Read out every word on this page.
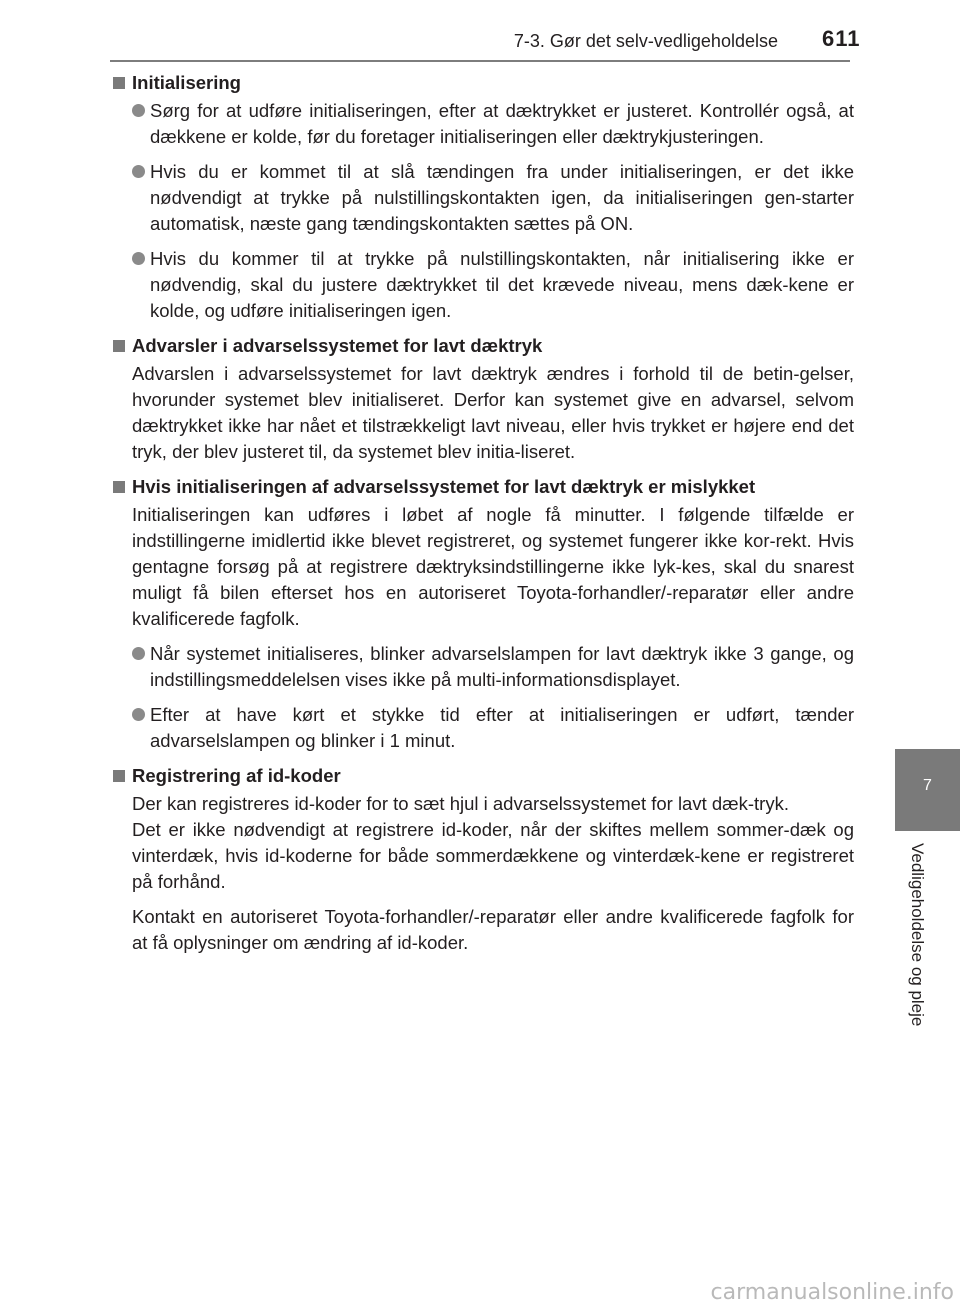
7-3. Gør det selv-vedligeholdelse 611
7
Vedligeholdelse og pleje

Initialisering

Sørg for at udføre initialiseringen, efter at dæktrykket er justeret. Kontrollér også, at dækkene er kolde, før du foretager initialiseringen eller dæktrykjusteringen.

Hvis du er kommet til at slå tændingen fra under initialiseringen, er det ikke nødvendigt at trykke på nulstillingskontakten igen, da initialiseringen gen-starter automatisk, næste gang tændingskontakten sættes på ON.

Hvis du kommer til at trykke på nulstillingskontakten, når initialisering ikke er nødvendig, skal du justere dæktrykket til det krævede niveau, mens dæk-kene er kolde, og udføre initialiseringen igen.

Advarsler i advarselssystemet for lavt dæktryk

Advarslen i advarselssystemet for lavt dæktryk ændres i forhold til de betin-gelser, hvorunder systemet blev initialiseret. Derfor kan systemet give en advarsel, selvom dæktrykket ikke har nået et tilstrækkeligt lavt niveau, eller hvis trykket er højere end det tryk, der blev justeret til, da systemet blev initia-liseret.

Hvis initialiseringen af advarselssystemet for lavt dæktryk er mislykket

Initialiseringen kan udføres i løbet af nogle få minutter. I følgende tilfælde er indstillingerne imidlertid ikke blevet registreret, og systemet fungerer ikke kor-rekt. Hvis gentagne forsøg på at registrere dæktryksindstillingerne ikke lyk-kes, skal du snarest muligt få bilen efterset hos en autoriseret Toyota-forhandler/-reparatør eller andre kvalificerede fagfolk.

Når systemet initialiseres, blinker advarselslampen for lavt dæktryk ikke 3 gange, og indstillingsmeddelelsen vises ikke på multi-informationsdisplayet.

Efter at have kørt et stykke tid efter at initialiseringen er udført, tænder advarselslampen og blinker i 1 minut.

Registrering af id-koder

Der kan registreres id-koder for to sæt hjul i advarselssystemet for lavt dæk-tryk.

Det er ikke nødvendigt at registrere id-koder, når der skiftes mellem sommer-dæk og vinterdæk, hvis id-koderne for både sommerdækkene og vinterdæk-kene er registreret på forhånd.

Kontakt en autoriseret Toyota-forhandler/-reparatør eller andre kvalificerede fagfolk for at få oplysninger om ændring af id-koder.

carmanualsonline.info
